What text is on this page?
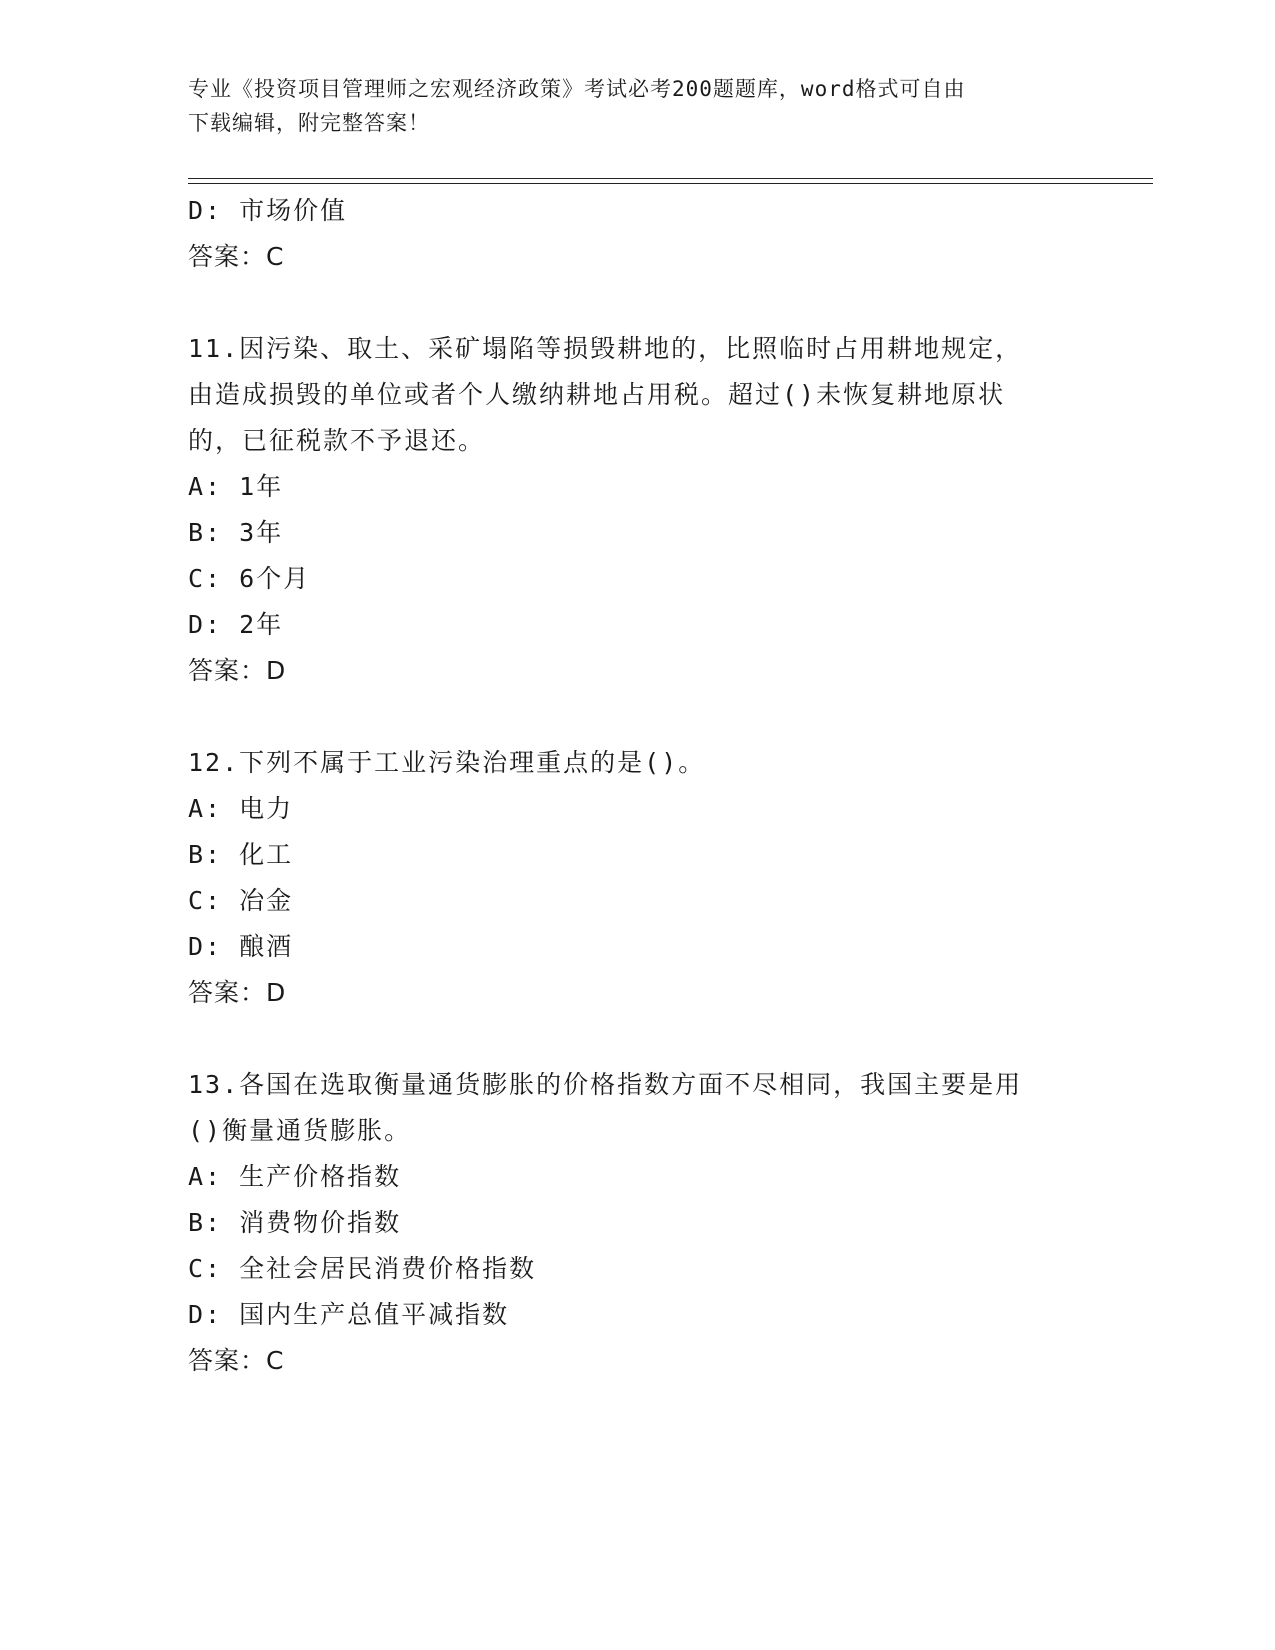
专业《投资项目管理师之宏观经济政策》考试必考200题题库，word格式可自由
下载编辑，附完整答案！
D: 市场价值
答案：C
11.因污染、取土、采矿塌陷等损毁耕地的，比照临时占用耕地规定，
由造成损毁的单位或者个人缴纳耕地占用税。超过()未恢复耕地原状
的，已征税款不予退还。
A: 1年
B: 3年
C: 6个月
D: 2年
答案：D
12.下列不属于工业污染治理重点的是()。
A: 电力
B: 化工
C: 冶金
D: 酿酒
答案：D
13.各国在选取衡量通货膨胀的价格指数方面不尽相同，我国主要是用
()衡量通货膨胀。
A: 生产价格指数
B: 消费物价指数
C: 全社会居民消费价格指数
D: 国内生产总值平减指数
答案：C
